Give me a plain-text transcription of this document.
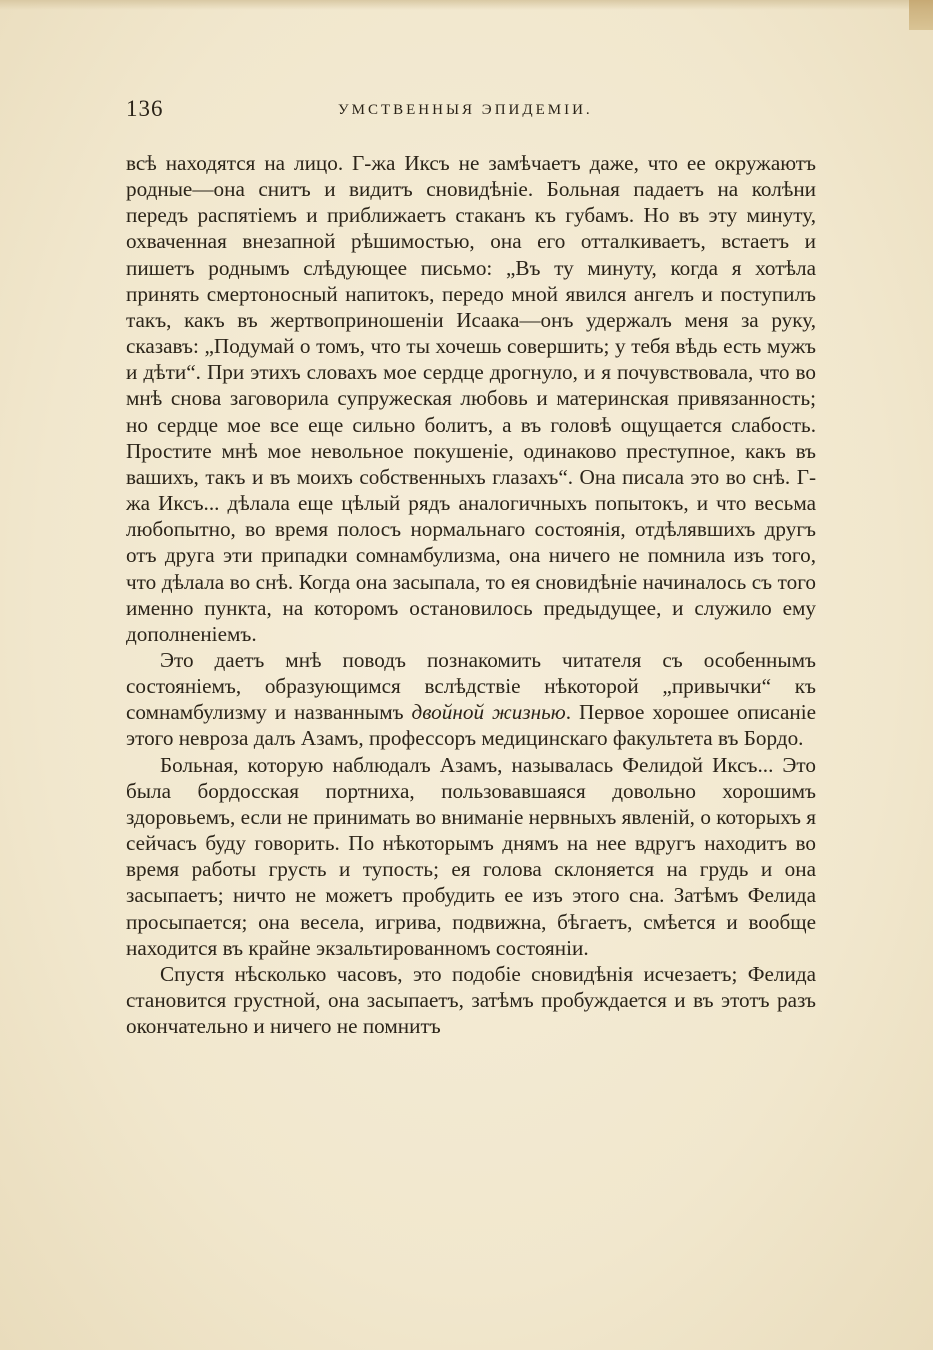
136	УМСТВЕННЫЯ ЭПИДЕМІИ.

всѣ находятся на лицо. Г-жа Иксъ не замѣчаетъ даже, что ее окружаютъ родные—она снитъ и видитъ сновидѣніе. Больная падаетъ на колѣни передъ распятіемъ и приближаетъ стаканъ къ губамъ. Но въ эту минуту, охваченная внезапной рѣшимостью, она его отталкиваетъ, встаетъ и пишетъ роднымъ слѣдующее письмо: „Въ ту минуту, когда я хотѣла принять смертоносный напитокъ, передо мной явился ангелъ и поступилъ такъ, какъ въ жертвоприношеніи Исаака—онъ удержалъ меня за руку, сказавъ: „Подумай о томъ, что ты хочешь совершить; у тебя вѣдь есть мужъ и дѣти“. При этихъ словахъ мое сердце дрогнуло, и я почувствовала, что во мнѣ снова заговорила супружеская любовь и материнская привязанность; но сердце мое все еще сильно болитъ, а въ головѣ ощущается слабость. Простите мнѣ мое невольное покушеніе, одинаково преступное, какъ въ вашихъ, такъ и въ моихъ собственныхъ глазахъ“. Она писала это во снѣ. Г-жа Иксъ... дѣлала еще цѣлый рядъ аналогичныхъ попытокъ, и что весьма любопытно, во время полосъ нормальнаго состоянія, отдѣлявшихъ другъ отъ друга эти припадки сомнамбулизма, она ничего не помнила изъ того, что дѣлала во снѣ. Когда она засыпала, то ея сновидѣніе начиналось съ того именно пункта, на которомъ остановилось предыдущее, и служило ему дополненіемъ.

Это даетъ мнѣ поводъ познакомить читателя съ особеннымъ состояніемъ, образующимся вслѣдствіе нѣкоторой „привычки“ къ сомнамбулизму и названнымъ двойной жизнью. Первое хорошее описаніе этого невроза далъ Азамъ, профессоръ медицинскаго факультета въ Бордо.

Больная, которую наблюдалъ Азамъ, называлась Фелидой Иксъ... Это была бордосская портниха, пользовавшаяся довольно хорошимъ здоровьемъ, если не принимать во вниманіе нервныхъ явленій, о которыхъ я сейчасъ буду говорить. По нѣкоторымъ днямъ на нее вдругъ находитъ во время работы грусть и тупость; ея голова склоняется на грудь и она засыпаетъ; ничто не можетъ пробудить ее изъ этого сна. Затѣмъ Фелида просыпается; она весела, игрива, подвижна, бѣгаетъ, смѣется и вообще находится въ крайне экзальтированномъ состояніи.

Спустя нѣсколько часовъ, это подобіе сновидѣнія исчезаетъ; Фелида становится грустной, она засыпаетъ, затѣмъ пробуждается и въ этотъ разъ окончательно и ничего не помнитъ
